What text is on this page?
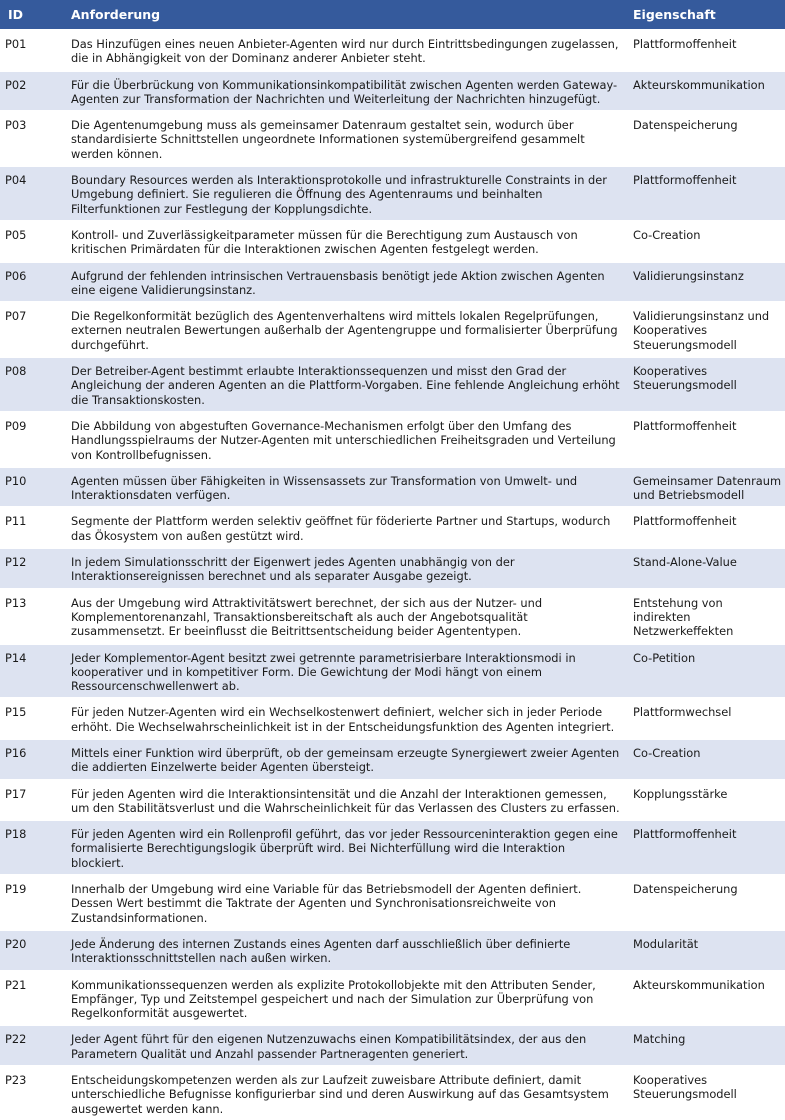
ID	Anforderung	Eigenschaft
P01	Das Hinzufügen eines neuen Anbieter-Agenten wird nur durch Eintrittsbedingungen zugelassen, die in Abhängigkeit von der Dominanz anderer Anbieter steht.	Plattformoffenheit
P02	Für die Überbrückung von Kommunikationsinkompatibilität zwischen Agenten werden Gateway-Agenten zur Transformation der Nachrichten und Weiterleitung der Nachrichten hinzugefügt.	Akteurskommunikation
P03	Die Agentenumgebung muss als gemeinsamer Datenraum gestaltet sein, wodurch über standardisierte Schnittstellen ungeordnete Informationen systemübergreifend gesammelt werden können.	Datenspeicherung
P04	Boundary Resources werden als Interaktionsprotokolle und infrastrukturelle Constraints in der Umgebung definiert. Sie regulieren die Öffnung des Agentenraums und beinhalten Filterfunktionen zur Festlegung der Kopplungsdichte.	Plattformoffenheit
P05	Kontroll- und Zuverlässigkeitparameter müssen für die Berechtigung zum Austausch von kritischen Primärdaten für die Interaktionen zwischen Agenten festgelegt werden.	Co-Creation
P06	Aufgrund der fehlenden intrinsischen Vertrauensbasis benötigt jede Aktion zwischen Agenten eine eigene Validierungsinstanz.	Validierungsinstanz
P07	Die Regelkonformität bezüglich des Agentenverhaltens wird mittels lokalen Regelprüfungen, externen neutralen Bewertungen außerhalb der Agentengruppe und formalisierter Überprüfung durchgeführt.	Validierungsinstanz und Kooperatives Steuerungsmodell
P08	Der Betreiber-Agent bestimmt erlaubte Interaktionssequenzen und misst den Grad der Angleichung der anderen Agenten an die Plattform-Vorgaben. Eine fehlende Angleichung erhöht die Transaktionskosten.	Kooperatives Steuerungsmodell
P09	Die Abbildung von abgestuften Governance-Mechanismen erfolgt über den Umfang des Handlungsspielraums der Nutzer-Agenten mit unterschiedlichen Freiheitsgraden und Verteilung von Kontrollbefugnissen.	Plattformoffenheit
P10	Agenten müssen über Fähigkeiten in Wissensassets zur Transformation von Umwelt- und Interaktionsdaten verfügen.	Gemeinsamer Datenraum und Betriebsmodell
P11	Segmente der Plattform werden selektiv geöffnet für föderierte Partner und Startups, wodurch das Ökosystem von außen gestützt wird.	Plattformoffenheit
P12	In jedem Simulationsschritt der Eigenwert jedes Agenten unabhängig von der Interaktionsereignissen berechnet und als separater Ausgabe gezeigt.	Stand-Alone-Value
P13	Aus der Umgebung wird Attraktivitätswert berechnet, der sich aus der Nutzer- und Komplementorenanzahl, Transaktionsbereitschaft als auch der Angebotsqualität zusammensetzt. Er beeinflusst die Beitrittsentscheidung beider Agententypen.	Entstehung von indirekten Netzwerkeffekten
P14	Jeder Komplementor-Agent besitzt zwei getrennte parametrisierbare Interaktionsmodi in kooperativer und in kompetitiver Form. Die Gewichtung der Modi hängt von einem Ressourcenschwellenwert ab.	Co-Petition
P15	Für jeden Nutzer-Agenten wird ein Wechselkostenwert definiert, welcher sich in jeder Periode erhöht. Die Wechselwahrscheinlichkeit ist in der Entscheidungsfunktion des Agenten integriert.	Plattformwechsel
P16	Mittels einer Funktion wird überprüft, ob der gemeinsam erzeugte Synergiewert zweier Agenten die addierten Einzelwerte beider Agenten übersteigt.	Co-Creation
P17	Für jeden Agenten wird die Interaktionsintensität und die Anzahl der Interaktionen gemessen, um den Stabilitätsverlust und die Wahrscheinlichkeit für das Verlassen des Clusters zu erfassen.	Kopplungsstärke
P18	Für jeden Agenten wird ein Rollenprofil geführt, das vor jeder Ressourceninteraktion gegen eine formalisierte Berechtigungslogik überprüft wird. Bei Nichterfüllung wird die Interaktion blockiert.	Plattformoffenheit
P19	Innerhalb der Umgebung wird eine Variable für das Betriebsmodell der Agenten definiert. Dessen Wert bestimmt die Taktrate der Agenten und Synchronisationsreichweite von Zustandsinformationen.	Datenspeicherung
P20	Jede Änderung des internen Zustands eines Agenten darf ausschließlich über definierte Interaktionsschnittstellen nach außen wirken.	Modularität
P21	Kommunikationssequenzen werden als explizite Protokollobjekte mit den Attributen Sender, Empfänger, Typ und Zeitstempel gespeichert und nach der Simulation zur Überprüfung von Regelkonformität ausgewertet.	Akteurskommunikation
P22	Jeder Agent führt für den eigenen Nutzenzuwachs einen Kompatibilitätsindex, der aus den Parametern Qualität und Anzahl passender Partneragenten generiert.	Matching
P23	Entscheidungskompetenzen werden als zur Laufzeit zuweisbare Attribute definiert, damit unterschiedliche Befugnisse konfigurierbar sind und deren Auswirkung auf das Gesamtsystem ausgewertet werden kann.	Kooperatives Steuerungsmodell
